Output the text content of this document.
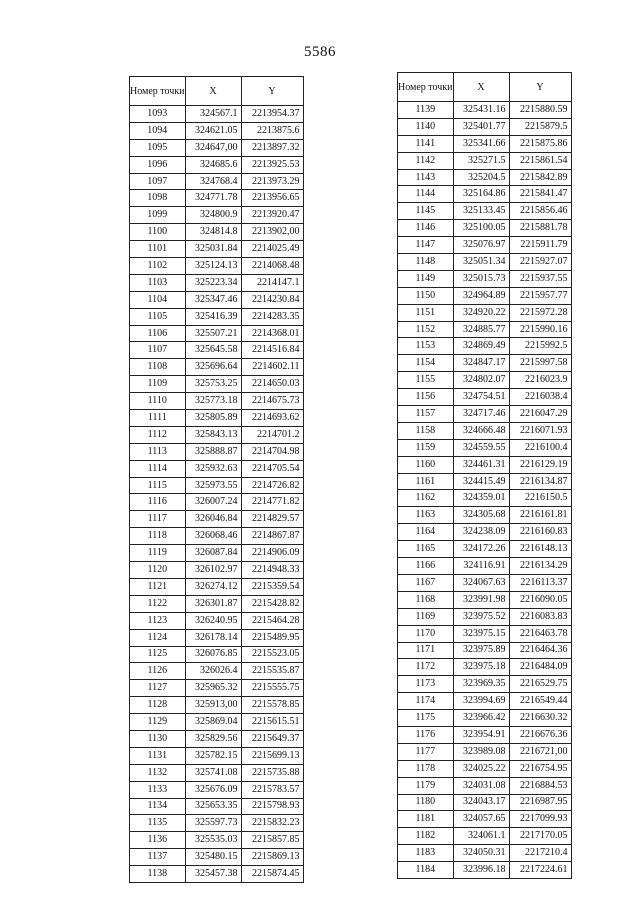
5586
Номер точки	X	Y
1093	324567.1	2213954.37
1094	324621.05	2213875.6
1095	324647,00	2213897.32
1096	324685.6	2213925.53
1097	324768.4	2213973.29
1098	324771.78	2213956.65
1099	324800.9	2213920.47
1100	324814.8	2213902,00
1101	325031.84	2214025.49
1102	325124.13	2214068.48
1103	325223.34	2214147.1
1104	325347.46	2214230.84
1105	325416.39	2214283.35
1106	325507.21	2214368.01
1107	325645.58	2214516.84
1108	325696.64	2214602.11
1109	325753.25	2214650.03
1110	325773.18	2214675.73
1111	325805.89	2214693.62
1112	325843.13	2214701.2
1113	325888.87	2214704.98
1114	325932.63	2214705.54
1115	325973.55	2214726.82
1116	326007.24	2214771.82
1117	326046.84	2214829.57
1118	326068.46	2214867.87
1119	326087.84	2214906.09
1120	326102.97	2214948.33
1121	326274.12	2215359.54
1122	326301.87	2215428.82
1123	326240.95	2215464.28
1124	326178.14	2215489.95
1125	326076.85	2215523.05
1126	326026.4	2215535.87
1127	325965.32	2215555.75
1128	325913,00	2215578.85
1129	325869.04	2215615.51
1130	325829.56	2215649.37
1131	325782.15	2215699.13
1132	325741.08	2215735.88
1133	325676.09	2215783.57
1134	325653.35	2215798.93
1135	325597.73	2215832.23
1136	325535.03	2215857.85
1137	325480.15	2215869.13
1138	325457.38	2215874.45
Номер точки	X	Y
1139	325431.16	2215880.59
1140	325401.77	2215879.5
1141	325341.66	2215875.86
1142	325271.5	2215861.54
1143	325204.5	2215842.89
1144	325164.86	2215841.47
1145	325133.45	2215856.46
1146	325100.05	2215881.78
1147	325076.97	2215911.79
1148	325051.34	2215927.07
1149	325015.73	2215937.55
1150	324964.89	2215957.77
1151	324920.22	2215972.28
1152	324885.77	2215990.16
1153	324869.49	2215992.5
1154	324847.17	2215997.58
1155	324802.07	2216023.9
1156	324754.51	2216038.4
1157	324717.46	2216047.29
1158	324666.48	2216071.93
1159	324559.55	2216100.4
1160	324461.31	2216129.19
1161	324415.49	2216134.87
1162	324359.01	2216150.5
1163	324305.68	2216161.81
1164	324238.09	2216160.83
1165	324172.26	2216148.13
1166	324116.91	2216134.29
1167	324067.63	2216113.37
1168	323991.98	2216090.05
1169	323975.52	2216083.83
1170	323975.15	2216463.78
1171	323975.89	2216464.36
1172	323975.18	2216484.09
1173	323969.35	2216529.75
1174	323994.69	2216549.44
1175	323966.42	2216630.32
1176	323954.91	2216676.36
1177	323989.08	2216721,00
1178	324025.22	2216754.95
1179	324031.08	2216884.53
1180	324043.17	2216987.95
1181	324057.65	2217099.93
1182	324061.1	2217170.05
1183	324050.31	2217210.4
1184	323996.18	2217224.61
